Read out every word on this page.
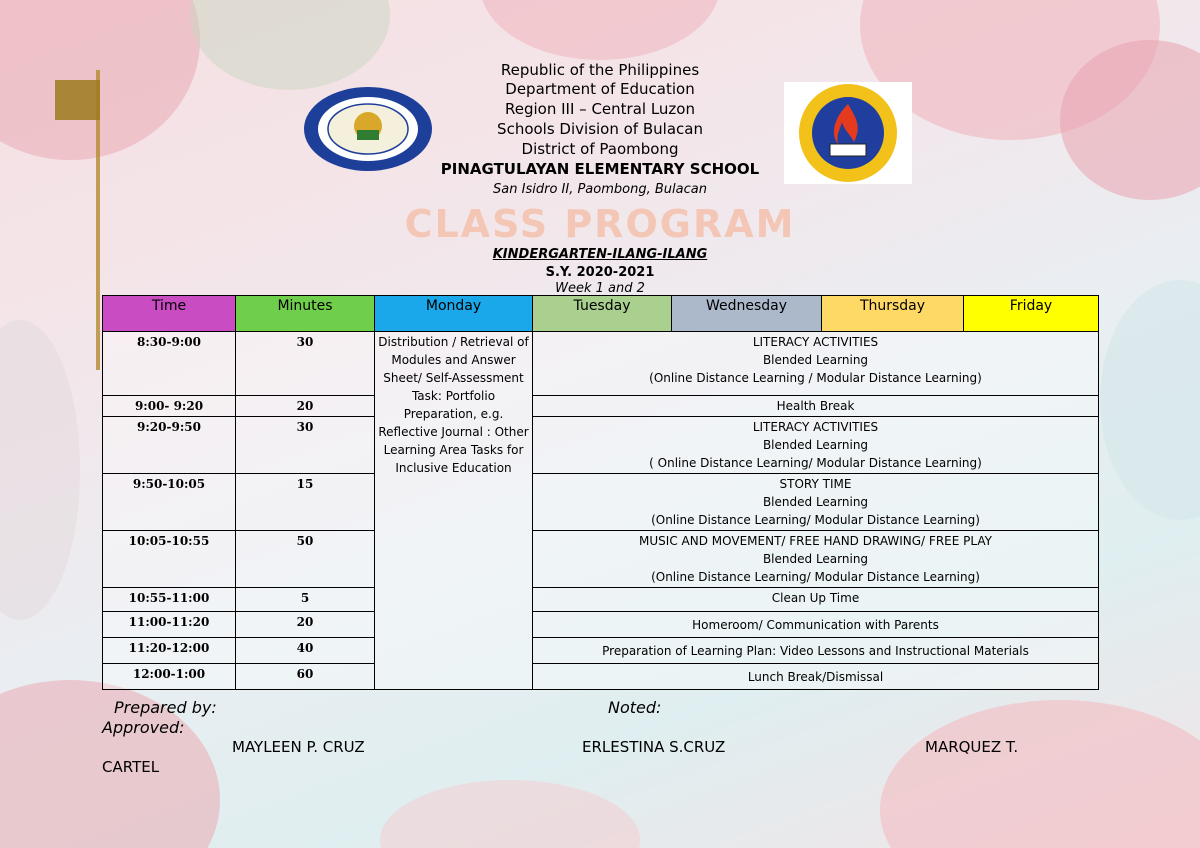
Republic of the Philippines
Department of Education
Region III – Central Luzon
Schools Division of Bulacan
District of Paombong
PINAGTULAYAN ELEMENTARY SCHOOL
San Isidro II, Paombong, Bulacan
CLASS PROGRAM
KINDERGARTEN-ILANG-ILANG
S.Y. 2020-2021
Week 1 and 2
Time	Minutes	Monday	Tuesday	Wednesday	Thursday	Friday
8:30-9:00	30	Distribution / Retrieval of Modules and Answer Sheet/ Self-Assessment Task: Portfolio Preparation, e.g. Reflective Journal : Other Learning Area Tasks for Inclusive Education	LITERACY ACTIVITIES
Blended Learning
(Online Distance Learning / Modular Distance Learning)			

9:00- 9:20	20		Health Break			

9:20-9:50	30		LITERACY ACTIVITIES
Blended Learning
( Online Distance Learning/ Modular Distance Learning)			

9:50-10:05	15		STORY TIME
Blended Learning
(Online Distance Learning/ Modular Distance Learning)			

10:05-10:55	50		MUSIC AND MOVEMENT/ FREE HAND DRAWING/ FREE PLAY
Blended Learning
(Online Distance Learning/ Modular Distance Learning)			

10:55-11:00	5		Clean Up Time			

11:00-11:20	20		Homeroom/ Communication with Parents			

11:20-12:00	40		Preparation of Learning Plan: Video Lessons and Instructional Materials			

12:00-1:00	60		Lunch Break/Dismissal			
Prepared by:	Noted:
Approved:
MAYLEEN P. CRUZ	ERLESTINA S.CRUZ	MARQUEZ T.
CARTEL
